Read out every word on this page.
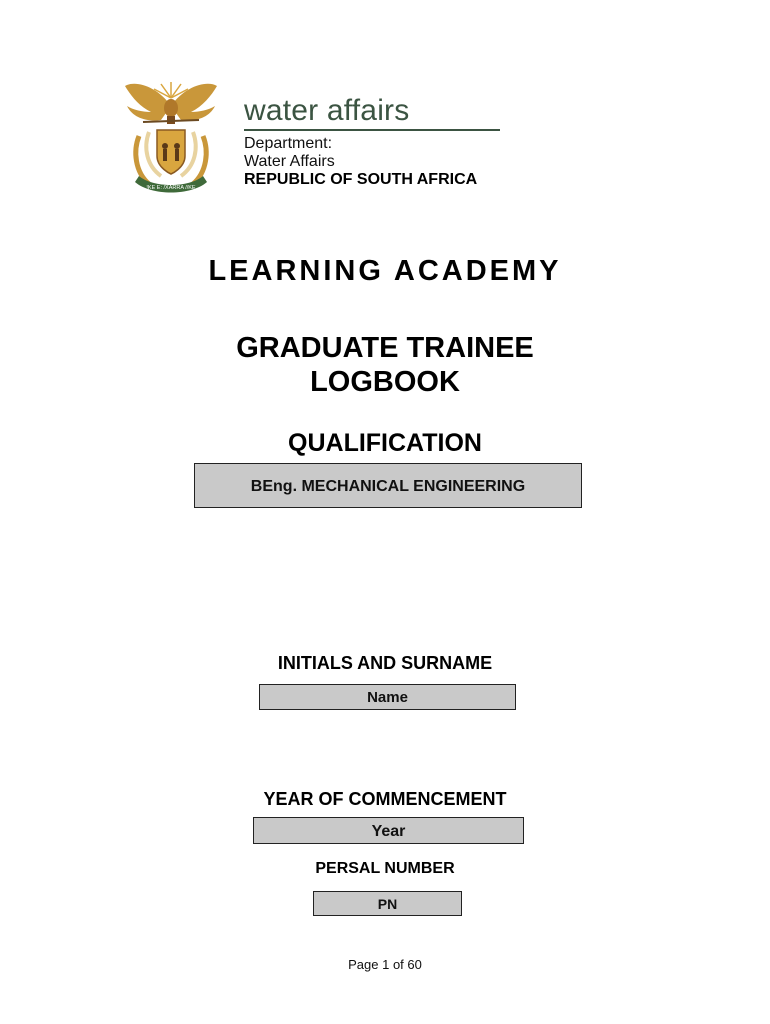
!KE E: /XARRA //KE
water affairs
Department:
Water Affairs
REPUBLIC OF SOUTH AFRICA
LEARNING ACADEMY
GRADUATE TRAINEE
LOGBOOK
QUALIFICATION
BEng. MECHANICAL ENGINEERING
INITIALS AND SURNAME
Name
YEAR OF COMMENCEMENT
Year
PERSAL NUMBER
PN
Page 1 of 60
